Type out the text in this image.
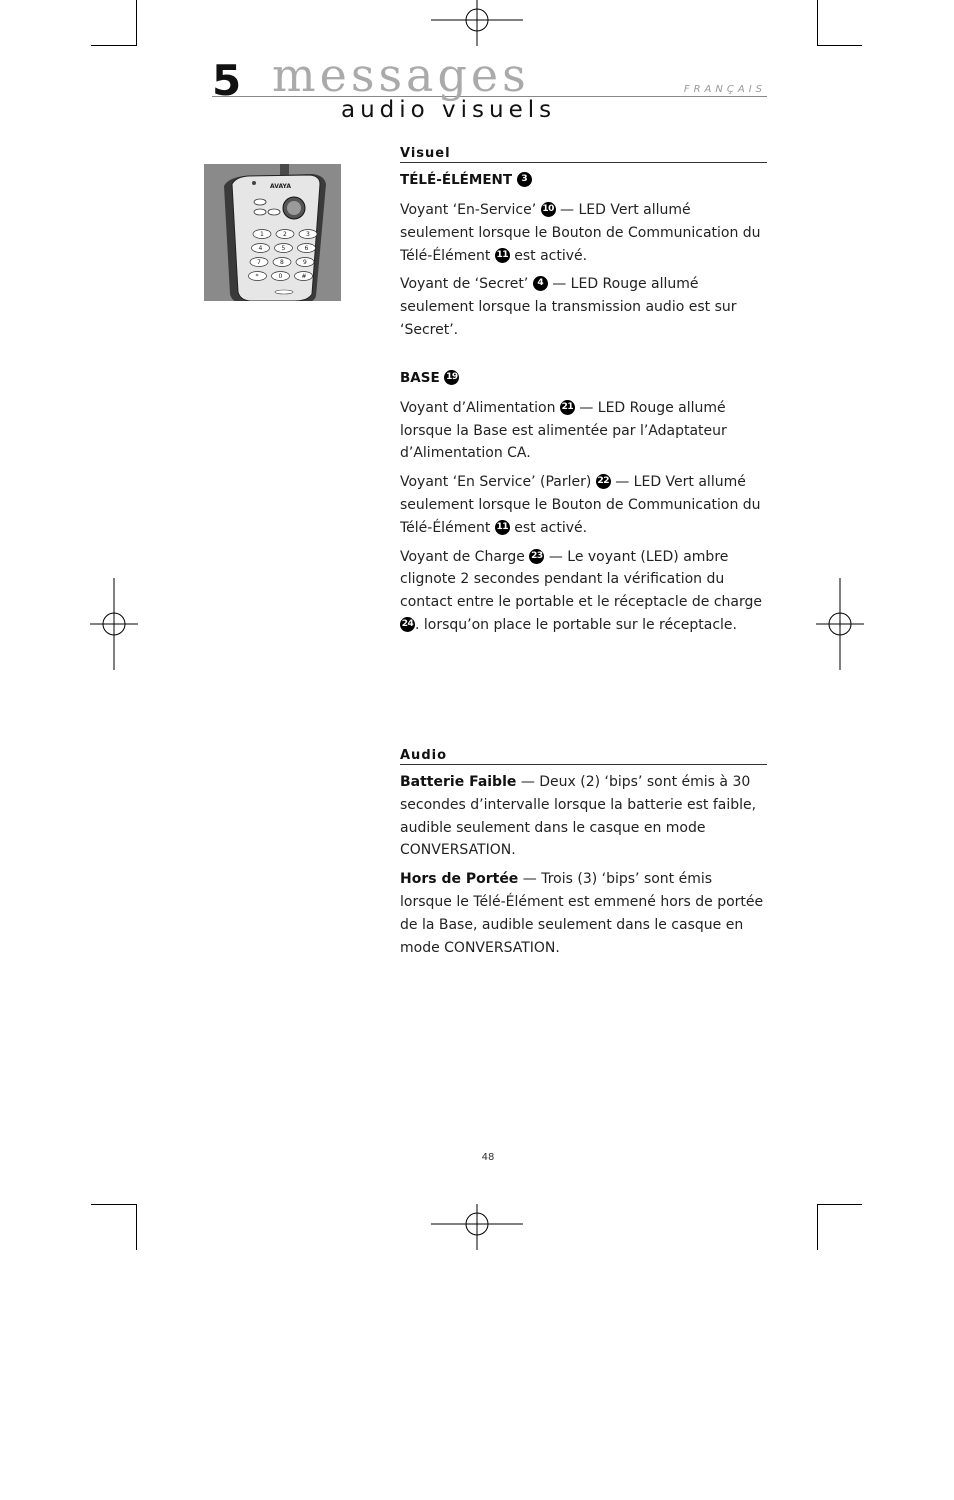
5 messages
audio visuels
FRANÇAIS
AVAYA
1	2	3
4	5	6
7	8	9
*	0	#
Visuel
TÉLÉ-ÉLÉMENT 3

Voyant ‘En-Service’ 10 — LED Vert allumé seulement lorsque le Bouton de Communication du Télé-Élément 11 est activé.

Voyant de ‘Secret’ 4 — LED Rouge allumé seulement lorsque la transmission audio est sur ‘Secret’.

BASE 19

Voyant d’Alimentation 21 — LED Rouge allumé lorsque la Base est alimentée par l’Adaptateur d’Alimentation CA.

Voyant ‘En Service’ (Parler) 22 — LED Vert allumé seulement lorsque le Bouton de Communication du Télé-Élément 11 est activé.

Voyant de Charge 23 — Le voyant (LED) ambre clignote 2 secondes pendant la vérification du contact entre le portable et le réceptacle de charge 24 . lorsqu’on place le portable sur le réceptacle.

Audio

Batterie Faible — Deux (2) ‘bips’ sont émis à 30 secondes d’intervalle lorsque la batterie est faible, audible seulement dans le casque en mode CONVERSATION.

Hors de Portée — Trois (3) ‘bips’ sont émis lorsque le Télé-Élément est emmené hors de portée de la Base, audible seulement dans le casque en mode CONVERSATION.

48
